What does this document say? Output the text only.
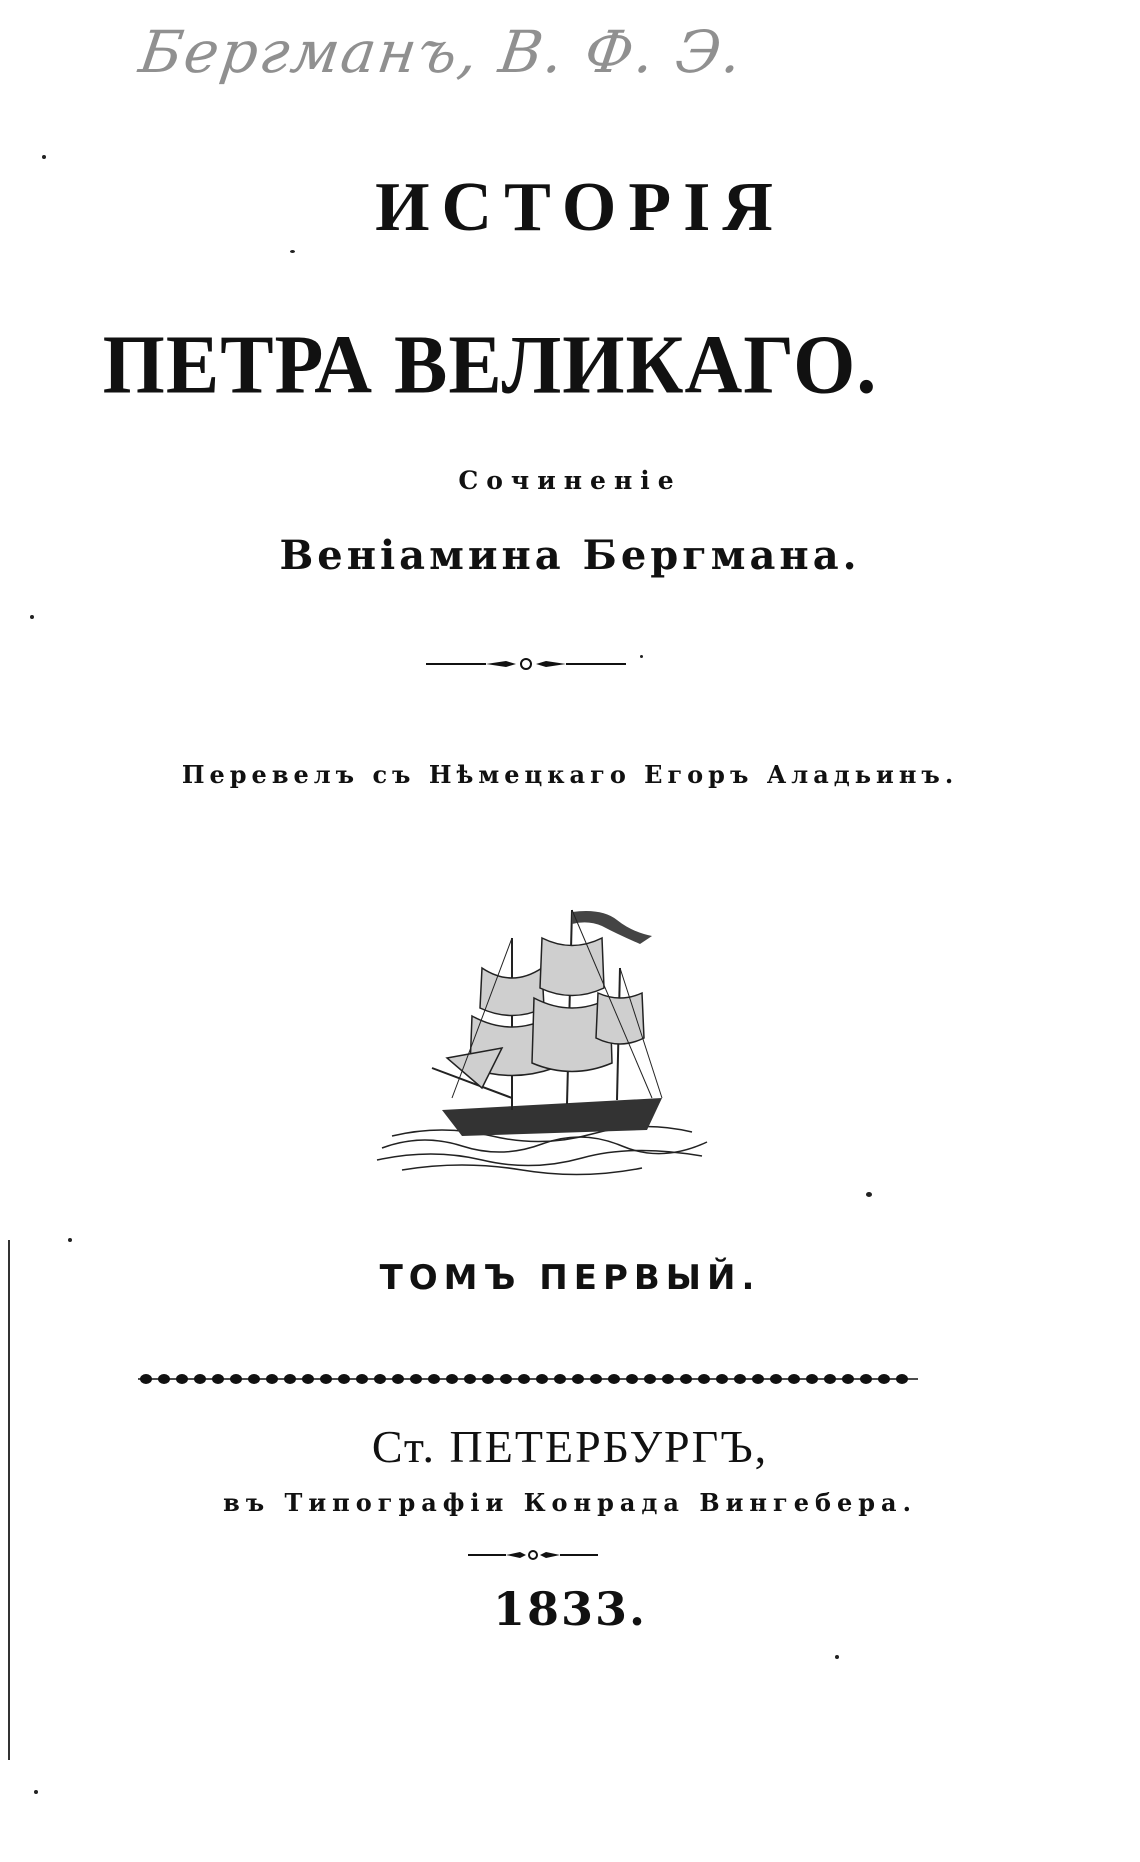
Бергманъ, В. Ф. Э.
ИСТОРІЯ
ПЕТРА ВЕЛИКАГО.
Сочиненіе
Веніамина Бергмана.
Перевелъ съ Нѣмецкаго Егоръ Аладьинъ.
ТОМЪ ПЕРВЫЙ.
Ст. ПЕТЕРБУРГЪ,
въ Типографіи Конрада Вингебера.
1833.
